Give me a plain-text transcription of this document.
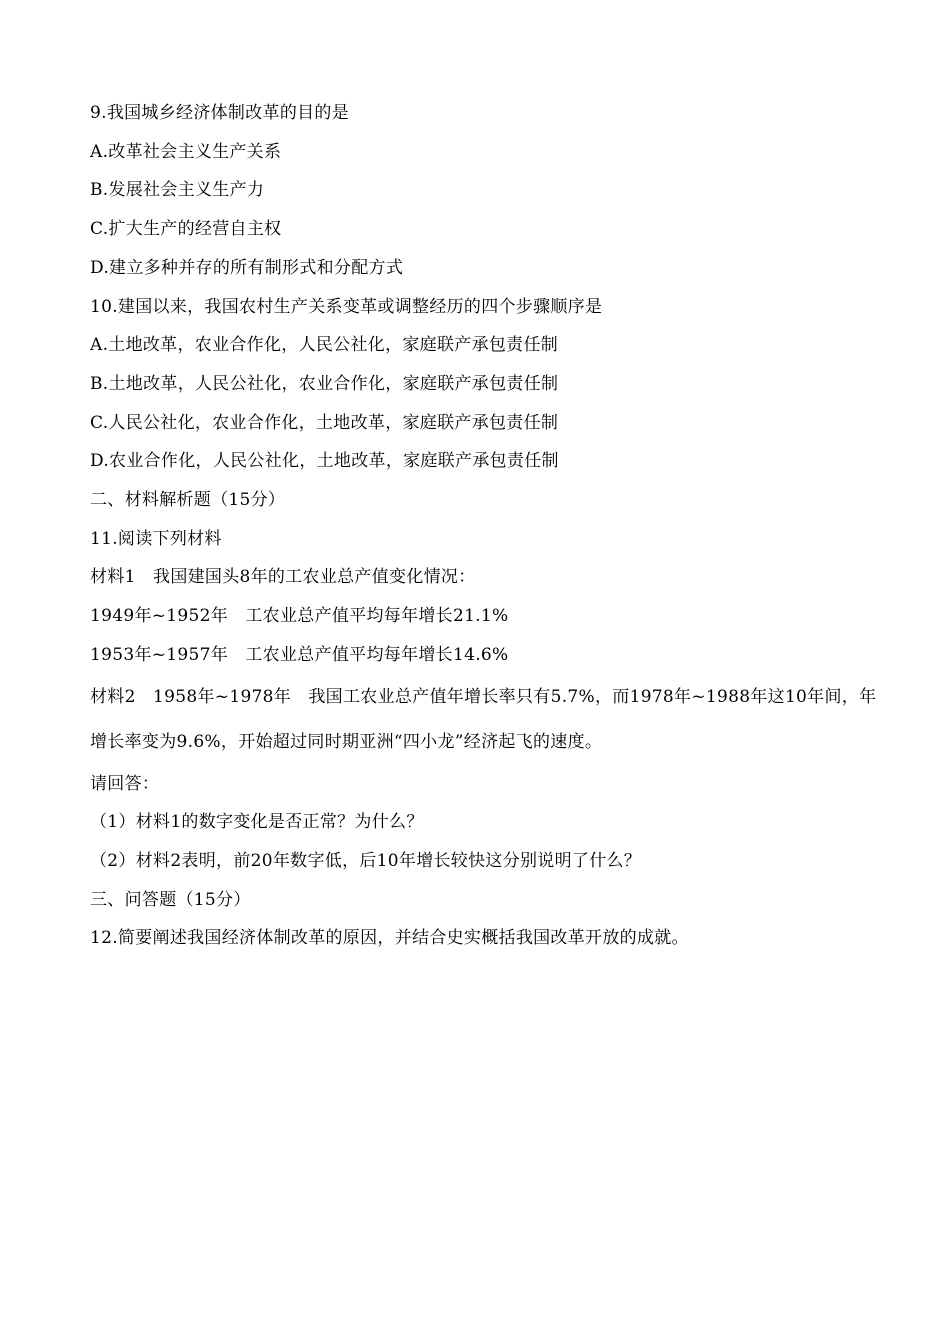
9.我国城乡经济体制改革的目的是
A.改革社会主义生产关系
B.发展社会主义生产力
C.扩大生产的经营自主权
D.建立多种并存的所有制形式和分配方式
10.建国以来，我国农村生产关系变革或调整经历的四个步骤顺序是
A.土地改革，农业合作化，人民公社化，家庭联产承包责任制
B.土地改革，人民公社化，农业合作化，家庭联产承包责任制
C.人民公社化，农业合作化，土地改革，家庭联产承包责任制
D.农业合作化，人民公社化，土地改革，家庭联产承包责任制
二、材料解析题（15分）
11.阅读下列材料
材料1　我国建国头8年的工农业总产值变化情况：
1949年~1952年　工农业总产值平均每年增长21.1%
1953年~1957年　工农业总产值平均每年增长14.6%
材料2　1958年~1978年　我国工农业总产值年增长率只有5.7%，而1978年~1988年这10年间，年增长率变为9.6%，开始超过同时期亚洲“四小龙”经济起飞的速度。
请回答：
（1）材料1的数字变化是否正常？为什么？
（2）材料2表明，前20年数字低，后10年增长较快这分别说明了什么？
三、问答题（15分）
12.简要阐述我国经济体制改革的原因，并结合史实概括我国改革开放的成就。
